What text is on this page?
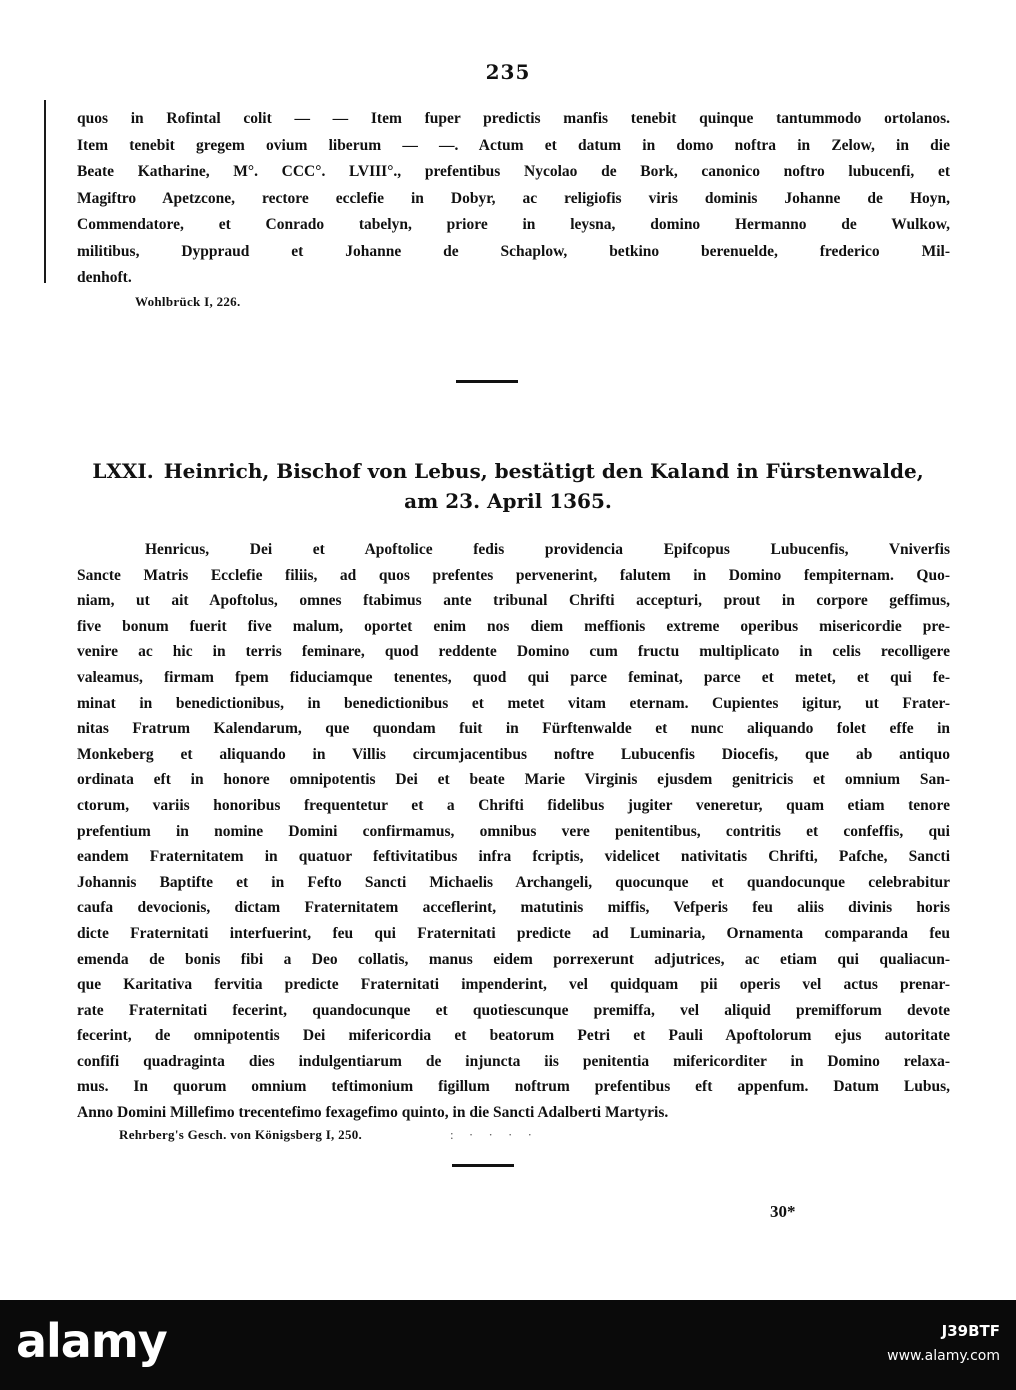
235
quos in Rofintal colit — — Item fuper predictis manfis tenebit quinque tantummodo ortolanos.
Item tenebit gregem ovium liberum — —. Actum et datum in domo noftra in Zelow, in die
Beate Katharine, M°. CCC°. LVIII°., prefentibus Nycolao de Bork, canonico noftro lubucenfi, et
Magiftro Apetzcone, rectore ecclefie in Dobyr, ac religiofis viris dominis Johanne de Hoyn,
Commendatore, et Conrado tabelyn, priore in leysna, domino Hermanno de Wulkow,
militibus, Dyppraud et Johanne de Schaplow, betkino berenuelde, frederico Mil-
denhoft.
Wohlbrück I, 226.
LXXI. Heinrich, Bischof von Lebus, bestätigt den Kaland in Fürstenwalde,
am 23. April 1365.
Henricus, Dei et Apoftolice fedis providencia Epifcopus Lubucenfis, Vniverfis
Sancte Matris Ecclefie filiis, ad quos prefentes pervenerint, falutem in Domino fempiternam. Quo-
niam, ut ait Apoftolus, omnes ftabimus ante tribunal Chrifti accepturi, prout in corpore geffimus,
five bonum fuerit five malum, oportet enim nos diem meffionis extreme operibus misericordie pre-
venire ac hic in terris feminare, quod reddente Domino cum fructu multiplicato in celis recolligere
valeamus, firmam fpem fiduciamque tenentes, quod qui parce feminat, parce et metet, et qui fe-
minat in benedictionibus, in benedictionibus et metet vitam eternam. Cupientes igitur, ut Frater-
nitas Fratrum Kalendarum, que quondam fuit in Fürftenwalde et nunc aliquando folet effe in
Monkeberg et aliquando in Villis circumjacentibus noftre Lubucenfis Diocefis, que ab antiquo
ordinata eft in honore omnipotentis Dei et beate Marie Virginis ejusdem genitricis et omnium San-
ctorum, variis honoribus frequentetur et a Chrifti fidelibus jugiter veneretur, quam etiam tenore
prefentium in nomine Domini confirmamus, omnibus vere penitentibus, contritis et confeffis, qui
eandem Fraternitatem in quatuor feftivitatibus infra fcriptis, videlicet nativitatis Chrifti, Pafche, Sancti
Johannis Baptifte et in Fefto Sancti Michaelis Archangeli, quocunque et quandocunque celebrabitur
caufa devocionis, dictam Fraternitatem acceflerint, matutinis miffis, Vefperis feu aliis divinis horis
dicte Fraternitati interfuerint, feu qui Fraternitati predicte ad Luminaria, Ornamenta comparanda feu
emenda de bonis fibi a Deo collatis, manus eidem porrexerunt adjutrices, ac etiam qui qualiacun-
que Karitativa fervitia predicte Fraternitati impenderint, vel quidquam pii operis vel actus prenar-
rate Fraternitati fecerint, quandocunque et quotiescunque premiffa, vel aliquid premifforum devote
fecerint, de omnipotentis Dei mifericordia et beatorum Petri et Pauli Apoftolorum ejus autoritate
confifi quadraginta dies indulgentiarum de injuncta iis penitentia mifericorditer in Domino relaxa-
mus. In quorum omnium teftimonium figillum noftrum prefentibus eft appenfum. Datum Lubus,
Anno Domini Millefimo trecentefimo fexagefimo quinto, in die Sancti Adalberti Martyris.
Rehrberg's Gesch. von Königsberg I, 250.	: · · · ·
30*
alamy	J39BTF
www.alamy.com
